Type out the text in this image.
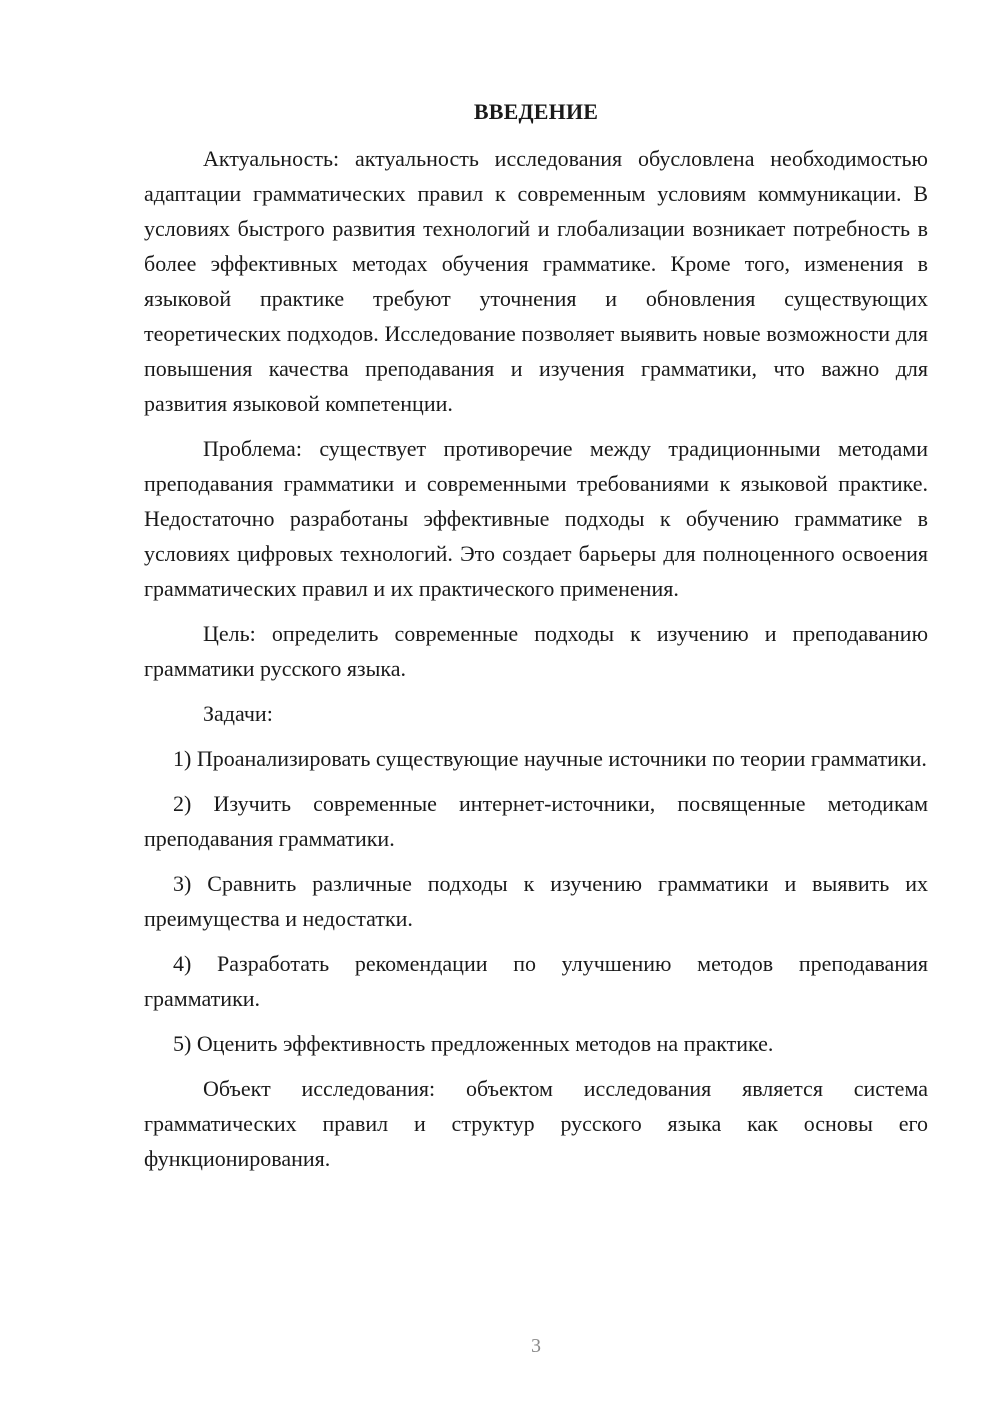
ВВЕДЕНИЕ

Актуальность: актуальность исследования обусловлена необходимостью адаптации грамматических правил к современным условиям коммуникации. В условиях быстрого развития технологий и глобализации возникает потребность в более эффективных методах обучения грамматике. Кроме того, изменения в языковой практике требуют уточнения и обновления существующих теоретических подходов. Исследование позволяет выявить новые возможности для повышения качества преподавания и изучения грамматики, что важно для развития языковой компетенции.

Проблема: существует противоречие между традиционными методами преподавания грамматики и современными требованиями к языковой практике. Недостаточно разработаны эффективные подходы к обучению грамматике в условиях цифровых технологий. Это создает барьеры для полноценного освоения грамматических правил и их практического применения.

Цель: определить современные подходы к изучению и преподаванию грамматики русского языка.

Задачи:

1) Проанализировать существующие научные источники по теории грамматики.

2) Изучить современные интернет-источники, посвященные методикам преподавания грамматики.

3) Сравнить различные подходы к изучению грамматики и выявить их преимущества и недостатки.

4) Разработать рекомендации по улучшению методов преподавания грамматики.

5) Оценить эффективность предложенных методов на практике.

Объект исследования: объектом исследования является система грамматических правил и структур русского языка как основы его функционирования.

3
